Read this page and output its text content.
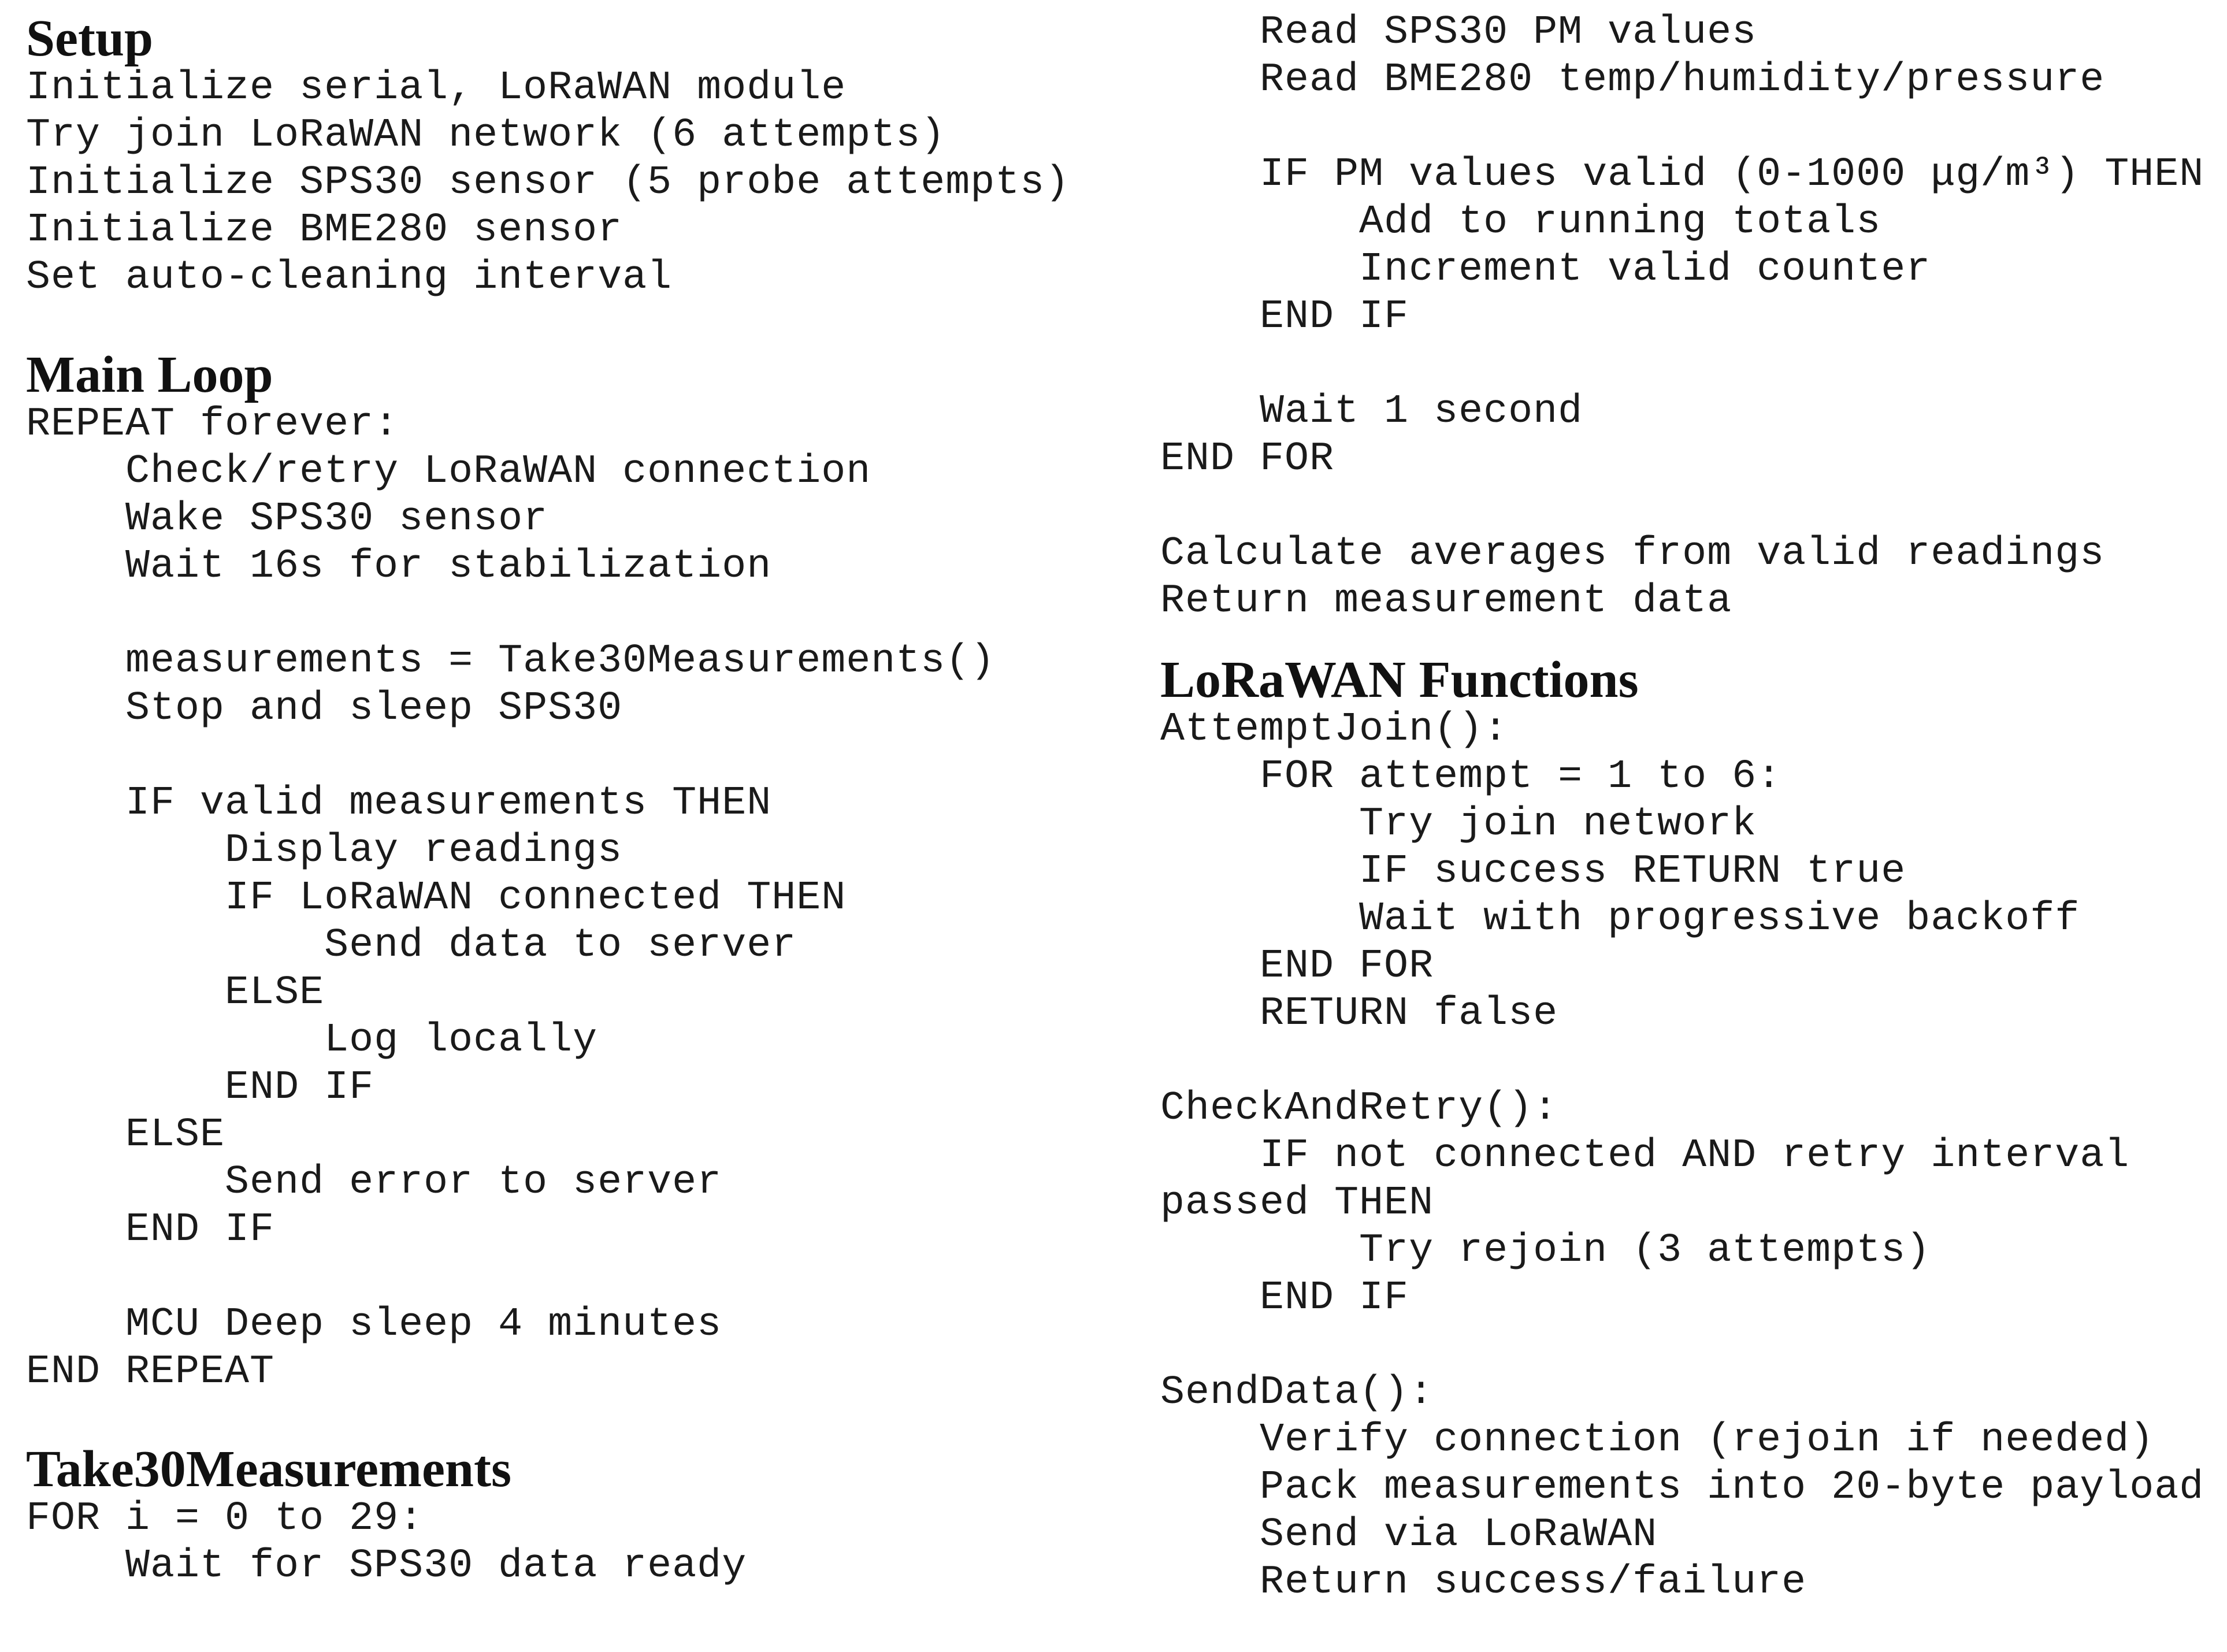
Setup
Initialize serial, LoRaWAN module
Try join LoRaWAN network (6 attempts)
Initialize SPS30 sensor (5 probe attempts)
Initialize BME280 sensor
Set auto-cleaning interval
Main Loop
REPEAT forever:
Check/retry LoRaWAN connection
Wake SPS30 sensor
Wait 16s for stabilization
measurements = Take30Measurements()
Stop and sleep SPS30
IF valid measurements THEN
Display readings
IF LoRaWAN connected THEN
Send data to server
ELSE
Log locally
END IF
ELSE
Send error to server
END IF
MCU Deep sleep 4 minutes
END REPEAT
Take30Measurements
FOR i = 0 to 29:
Wait for SPS30 data ready
Read SPS30 PM values
Read BME280 temp/humidity/pressure
IF PM values valid (0-1000 μg/m³) THEN
Add to running totals
Increment valid counter
END IF
Wait 1 second
END FOR
Calculate averages from valid readings
Return measurement data
LoRaWAN Functions
AttemptJoin():
FOR attempt = 1 to 6:
Try join network
IF success RETURN true
Wait with progressive backoff
END FOR
RETURN false
CheckAndRetry():
IF not connected AND retry interval
passed THEN
Try rejoin (3 attempts)
END IF
SendData():
Verify connection (rejoin if needed)
Pack measurements into 20-byte payload
Send via LoRaWAN
Return success/failure
